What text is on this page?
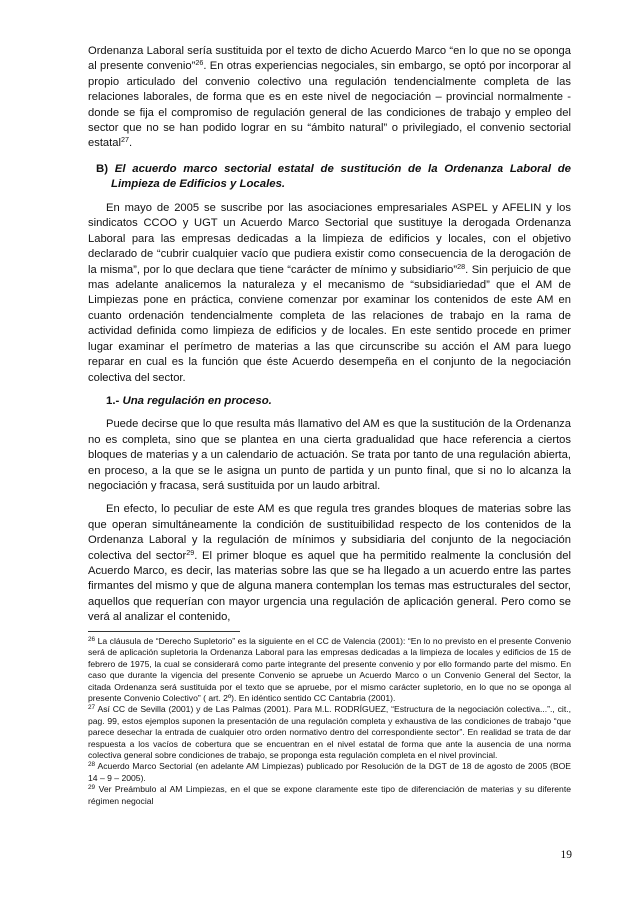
Ordenanza Laboral sería sustituida por el texto de dicho Acuerdo Marco “en lo que no se oponga al presente convenio”$^{26}$. En otras experiencias negociales, sin embargo, se optó por incorporar al propio articulado del convenio colectivo una regulación tendencialmente completa de las relaciones laborales, de forma que es en este nivel de negociación – provincial normalmente - donde se fija el compromiso de regulación general de las condiciones de trabajo y empleo del sector que no se han podido lograr en su “ámbito natural” o privilegiado, el convenio sectorial estatal$^{27}$.

B) El acuerdo marco sectorial estatal de sustitución de la Ordenanza Laboral de Limpieza de Edificios y Locales.

En mayo de 2005 se suscribe por las asociaciones empresariales ASPEL y AFELIN y los sindicatos CCOO y UGT un Acuerdo Marco Sectorial que sustituye la derogada Ordenanza Laboral para las empresas dedicadas a la limpieza de edificios y locales, con el objetivo declarado de “cubrir cualquier vacío que pudiera existir como consecuencia de la derogación de la misma”, por lo que declara que tiene “carácter de mínimo y subsidiario”$^{28}$. Sin perjuicio de que mas adelante analicemos la naturaleza y el mecanismo de “subsidiariedad” que el AM de Limpiezas pone en práctica, conviene comenzar por examinar los contenidos de este AM en cuanto ordenación tendencialmente completa de las relaciones de trabajo en la rama de actividad definida como limpieza de edificios y de locales. En este sentido procede en primer lugar examinar el perímetro de materias a las que circunscribe su acción el AM para luego reparar en cual es la función que éste Acuerdo desempeña en el conjunto de la negociación colectiva del sector.

1.- Una regulación en proceso.

Puede decirse que lo que resulta más llamativo del AM es que la sustitución de la Ordenanza no es completa, sino que se plantea en una cierta gradualidad que hace referencia a ciertos bloques de materias y a un calendario de actuación. Se trata por tanto de una regulación abierta, en proceso, a la que se le asigna un punto de partida y un punto final, que si no lo alcanza la negociación y fracasa, será sustituida por un laudo arbitral.

En efecto, lo peculiar de este AM es que regula tres grandes bloques de materias sobre las que operan simultáneamente la condición de sustituibilidad respecto de los contenidos de la Ordenanza Laboral y la regulación de mínimos y subsidiaria del conjunto de la negociación colectiva del sector$^{29}$. El primer bloque es aquel que ha permitido realmente la conclusión del Acuerdo Marco, es decir, las materias sobre las que se ha llegado a un acuerdo entre las partes firmantes del mismo y que de alguna manera contemplan los temas mas estructurales del sector, aquellos que requerían con mayor urgencia una regulación de aplicación general. Pero como se verá al analizar el contenido,

$^{26}$ La cláusula de “Derecho Supletorio” es la siguiente en el CC de Valencia (2001): “En lo no previsto en el presente Convenio será de aplicación supletoria la Ordenanza Laboral para las empresas dedicadas a la limpieza de locales y edificios de 15 de febrero de 1975, la cual se considerará como parte integrante del presente convenio y por ello formando parte del mismo. En caso que durante la vigencia del presente Convenio se apruebe un Acuerdo Marco o un Convenio General del Sector, la citada Ordenanza será sustituida por el texto que se apruebe, por el mismo carácter supletorio, en lo que no se oponga al presente Convenio Colectivo” ( art. 2º). En idéntico sentido CC Cantabria (2001).

$^{27}$ Así CC de Sevilla (2001) y de Las Palmas (2001). Para M.L. RODRÍGUEZ, “Estructura de la negociación colectiva...”., cit., pag. 99, estos ejemplos suponen la presentación de una regulación completa y exhaustiva de las condiciones de trabajo “que parece desechar la entrada de cualquier otro orden normativo dentro del correspondiente sector”. En realidad se trata de dar respuesta a los vacíos de cobertura que se encuentran en el nivel estatal de forma que ante la ausencia de una norma colectiva general sobre condiciones de trabajo, se proponga esta regulación completa en el nivel provincial.

$^{28}$ Acuerdo Marco Sectorial (en adelante AM Limpiezas) publicado por Resolución de la DGT de 18 de agosto de 2005 (BOE 14 – 9 – 2005).

$^{29}$ Ver Preámbulo al AM Limpiezas, en el que se expone claramente este tipo de diferenciación de materias y su diferente régimen negocial

19
